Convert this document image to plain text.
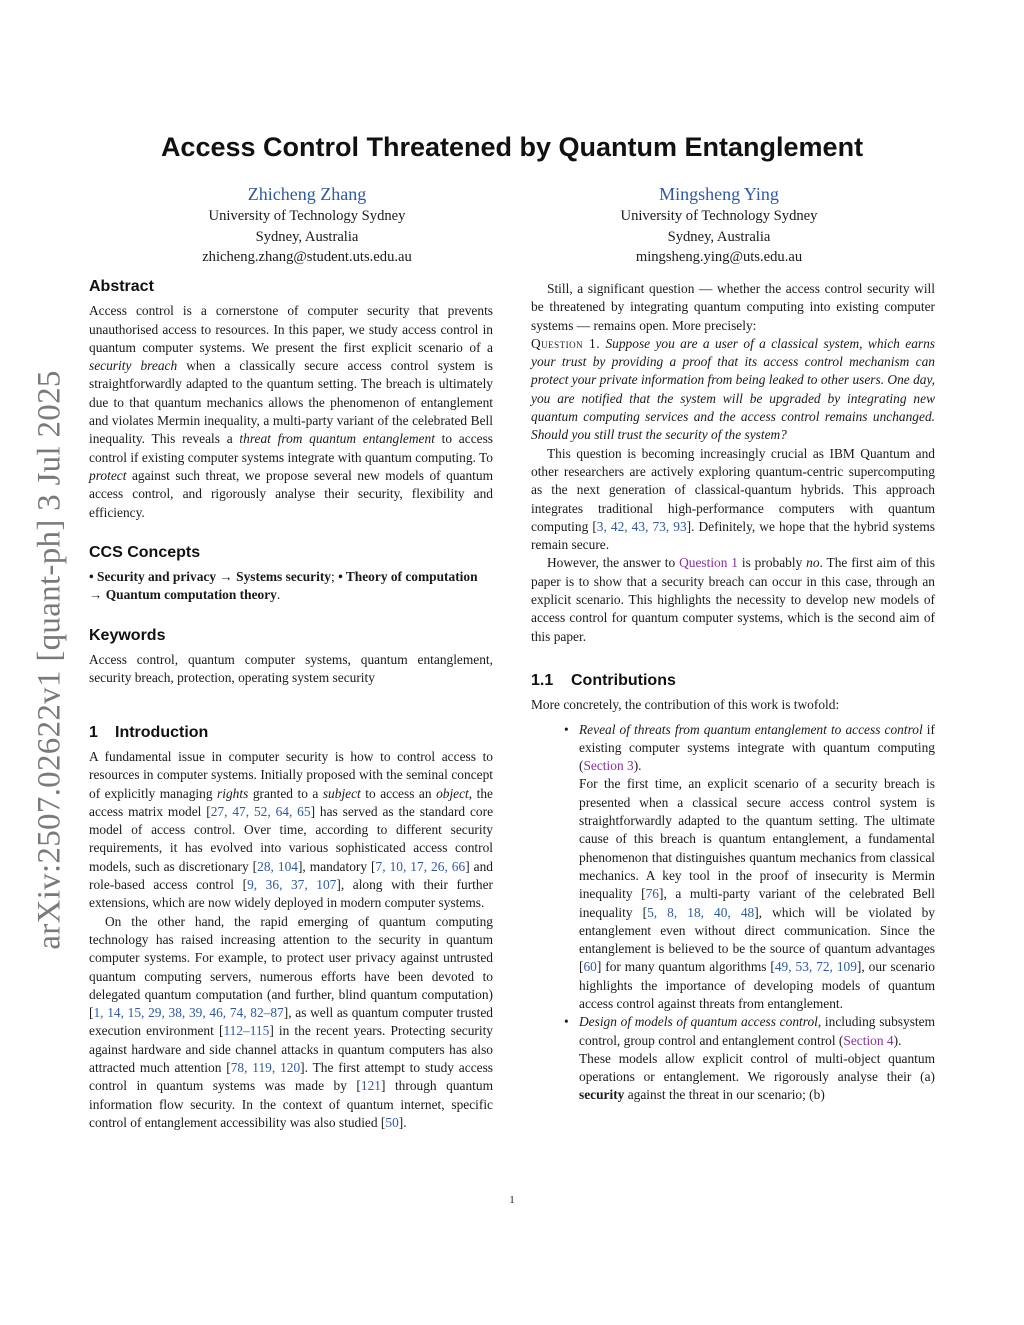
arXiv:2507.02622v1 [quant-ph] 3 Jul 2025
Access Control Threatened by Quantum Entanglement
Zhicheng Zhang
University of Technology Sydney
Sydney, Australia
zhicheng.zhang@student.uts.edu.au
Mingsheng Ying
University of Technology Sydney
Sydney, Australia
mingsheng.ying@uts.edu.au
Abstract

Access control is a cornerstone of computer security that prevents unauthorised access to resources. In this paper, we study access control in quantum computer systems. We present the first explicit scenario of a security breach when a classically secure access control system is straightforwardly adapted to the quantum setting. The breach is ultimately due to that quantum mechanics allows the phenomenon of entanglement and violates Mermin inequality, a multi-party variant of the celebrated Bell inequality. This reveals a threat from quantum entanglement to access control if existing computer systems integrate with quantum computing. To protect against such threat, we propose several new models of quantum access control, and rigorously analyse their security, flexibility and efficiency.

CCS Concepts

• Security and privacy → Systems security; • Theory of computation → Quantum computation theory.

Keywords

Access control, quantum computer systems, quantum entanglement, security breach, protection, operating system security

1 Introduction

A fundamental issue in computer security is how to control access to resources in computer systems. Initially proposed with the seminal concept of explicitly managing rights granted to a subject to access an object, the access matrix model [27, 47, 52, 64, 65] has served as the standard core model of access control. Over time, according to different security requirements, it has evolved into various sophisticated access control models, such as discretionary [28, 104], mandatory [7, 10, 17, 26, 66] and role-based access control [9, 36, 37, 107], along with their further extensions, which are now widely deployed in modern computer systems.

On the other hand, the rapid emerging of quantum computing technology has raised increasing attention to the security in quantum computer systems. For example, to protect user privacy against untrusted quantum computing servers, numerous efforts have been devoted to delegated quantum computation (and further, blind quantum computation) [1, 14, 15, 29, 38, 39, 46, 74, 82–87], as well as quantum computer trusted execution environment [112–115] in the recent years. Protecting security against hardware and side channel attacks in quantum computers has also attracted much attention [78, 119, 120]. The first attempt to study access control in quantum systems was made by [121] through quantum information flow security. In the context of quantum internet, specific control of entanglement accessibility was also studied [50].

Still, a significant question — whether the access control security will be threatened by integrating quantum computing into existing computer systems — remains open. More precisely:

Question 1. Suppose you are a user of a classical system, which earns your trust by providing a proof that its access control mechanism can protect your private information from being leaked to other users. One day, you are notified that the system will be upgraded by integrating new quantum computing services and the access control remains unchanged. Should you still trust the security of the system?

This question is becoming increasingly crucial as IBM Quantum and other researchers are actively exploring quantum-centric supercomputing as the next generation of classical-quantum hybrids. This approach integrates traditional high-performance computers with quantum computing [3, 42, 43, 73, 93]. Definitely, we hope that the hybrid systems remain secure.

However, the answer to Question 1 is probably no. The first aim of this paper is to show that a security breach can occur in this case, through an explicit scenario. This highlights the necessity to develop new models of access control for quantum computer systems, which is the second aim of this paper.

1.1 Contributions

More concretely, the contribution of this work is twofold:

• Reveal of threats from quantum entanglement to access control if existing computer systems integrate with quantum computing (Section 3).
For the first time, an explicit scenario of a security breach is presented when a classical secure access control system is straightforwardly adapted to the quantum setting. The ultimate cause of this breach is quantum entanglement, a fundamental phenomenon that distinguishes quantum mechanics from classical mechanics. A key tool in the proof of insecurity is Mermin inequality [76], a multi-party variant of the celebrated Bell inequality [5, 8, 18, 40, 48], which will be violated by entanglement even without direct communication. Since the entanglement is believed to be the source of quantum advantages [60] for many quantum algorithms [49, 53, 72, 109], our scenario highlights the importance of developing models of quantum access control against threats from entanglement.
• Design of models of quantum access control, including subsystem control, group control and entanglement control (Section 4).
These models allow explicit control of multi-object quantum operations or entanglement. We rigorously analyse their (a) security against the threat in our scenario; (b)
1
